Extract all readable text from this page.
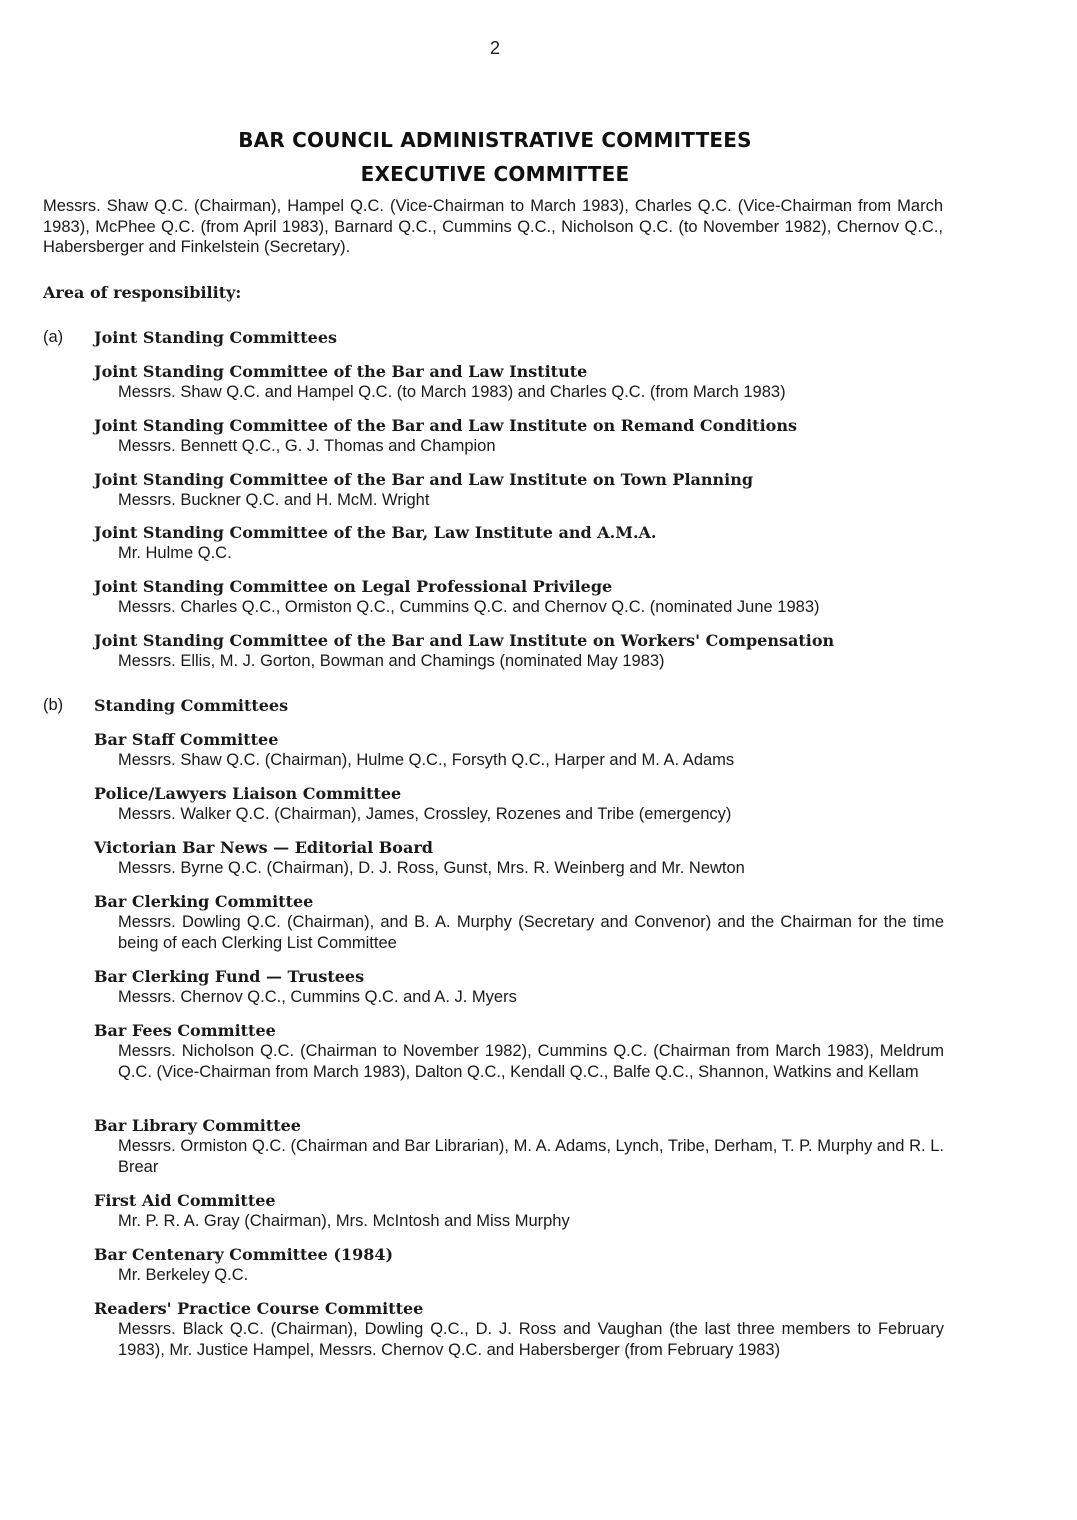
2
BAR COUNCIL ADMINISTRATIVE COMMITTEES
EXECUTIVE COMMITTEE
Messrs. Shaw Q.C. (Chairman), Hampel Q.C. (Vice-Chairman to March 1983), Charles Q.C. (Vice-Chairman from March 1983), McPhee Q.C. (from April 1983), Barnard Q.C., Cummins Q.C., Nicholson Q.C. (to November 1982), Chernov Q.C., Habersberger and Finkelstein (Secretary).
Area of responsibility:
(a) Joint Standing Committees
Joint Standing Committee of the Bar and Law Institute
Messrs. Shaw Q.C. and Hampel Q.C. (to March 1983) and Charles Q.C. (from March 1983)
Joint Standing Committee of the Bar and Law Institute on Remand Conditions
Messrs. Bennett Q.C., G. J. Thomas and Champion
Joint Standing Committee of the Bar and Law Institute on Town Planning
Messrs. Buckner Q.C. and H. McM. Wright
Joint Standing Committee of the Bar, Law Institute and A.M.A.
Mr. Hulme Q.C.
Joint Standing Committee on Legal Professional Privilege
Messrs. Charles Q.C., Ormiston Q.C., Cummins Q.C. and Chernov Q.C. (nominated June 1983)
Joint Standing Committee of the Bar and Law Institute on Workers' Compensation
Messrs. Ellis, M. J. Gorton, Bowman and Chamings (nominated May 1983)
(b) Standing Committees
Bar Staff Committee
Messrs. Shaw Q.C. (Chairman), Hulme Q.C., Forsyth Q.C., Harper and M. A. Adams
Police/Lawyers Liaison Committee
Messrs. Walker Q.C. (Chairman), James, Crossley, Rozenes and Tribe (emergency)
Victorian Bar News — Editorial Board
Messrs. Byrne Q.C. (Chairman), D. J. Ross, Gunst, Mrs. R. Weinberg and Mr. Newton
Bar Clerking Committee
Messrs. Dowling Q.C. (Chairman), and B. A. Murphy (Secretary and Convenor) and the Chairman for the time being of each Clerking List Committee
Bar Clerking Fund — Trustees
Messrs. Chernov Q.C., Cummins Q.C. and A. J. Myers
Bar Fees Committee
Messrs. Nicholson Q.C. (Chairman to November 1982), Cummins Q.C. (Chairman from March 1983), Meldrum Q.C. (Vice-Chairman from March 1983), Dalton Q.C., Kendall Q.C., Balfe Q.C., Shannon, Watkins and Kellam
Bar Library Committee
Messrs. Ormiston Q.C. (Chairman and Bar Librarian), M. A. Adams, Lynch, Tribe, Derham, T. P. Murphy and R. L. Brear
First Aid Committee
Mr. P. R. A. Gray (Chairman), Mrs. McIntosh and Miss Murphy
Bar Centenary Committee (1984)
Mr. Berkeley Q.C.
Readers' Practice Course Committee
Messrs. Black Q.C. (Chairman), Dowling Q.C., D. J. Ross and Vaughan (the last three members to February 1983), Mr. Justice Hampel, Messrs. Chernov Q.C. and Habersberger (from February 1983)
